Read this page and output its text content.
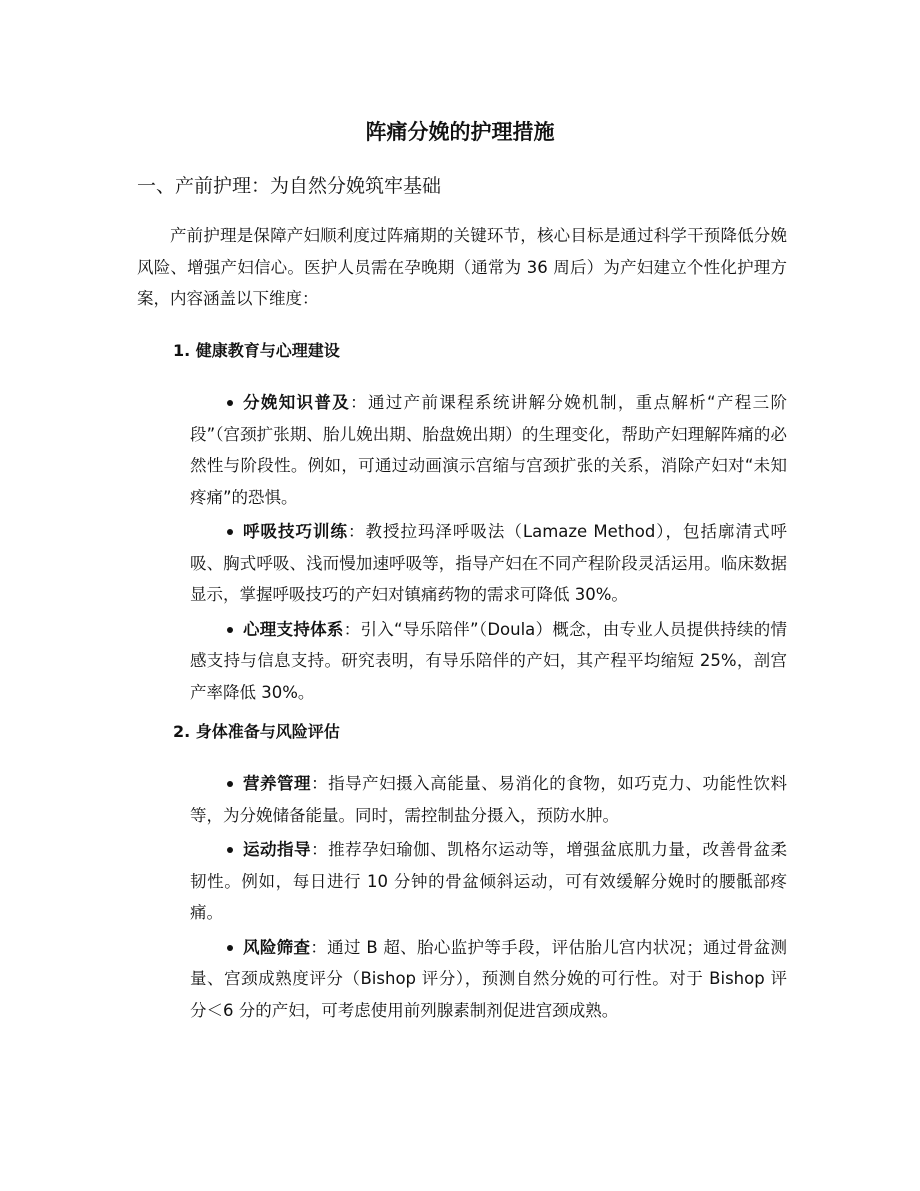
阵痛分娩的护理措施
一、产前护理：为自然分娩筑牢基础
产前护理是保障产妇顺利度过阵痛期的关键环节，核心目标是通过科学干预降低分娩风险、增强产妇信心。医护人员需在孕晚期（通常为 36 周后）为产妇建立个性化护理方案，内容涵盖以下维度：
1. 健康教育与心理建设
分娩知识普及：通过产前课程系统讲解分娩机制，重点解析“产程三阶段”（宫颈扩张期、胎儿娩出期、胎盘娩出期）的生理变化，帮助产妇理解阵痛的必然性与阶段性。例如，可通过动画演示宫缩与宫颈扩张的关系，消除产妇对“未知疼痛”的恐惧。
呼吸技巧训练：教授拉玛泽呼吸法（Lamaze Method），包括廓清式呼吸、胸式呼吸、浅而慢加速呼吸等，指导产妇在不同产程阶段灵活运用。临床数据显示，掌握呼吸技巧的产妇对镇痛药物的需求可降低 30%。
心理支持体系：引入“导乐陪伴”（Doula）概念，由专业人员提供持续的情感支持与信息支持。研究表明，有导乐陪伴的产妇，其产程平均缩短 25%，剖宫产率降低 30%。
2. 身体准备与风险评估
营养管理：指导产妇摄入高能量、易消化的食物，如巧克力、功能性饮料等，为分娩储备能量。同时，需控制盐分摄入，预防水肿。
运动指导：推荐孕妇瑜伽、凯格尔运动等，增强盆底肌力量，改善骨盆柔韧性。例如，每日进行 10 分钟的骨盆倾斜运动，可有效缓解分娩时的腰骶部疼痛。
风险筛查：通过 B 超、胎心监护等手段，评估胎儿宫内状况；通过骨盆测量、宫颈成熟度评分（Bishop 评分），预测自然分娩的可行性。对于 Bishop 评分＜6 分的产妇，可考虑使用前列腺素制剂促进宫颈成熟。
